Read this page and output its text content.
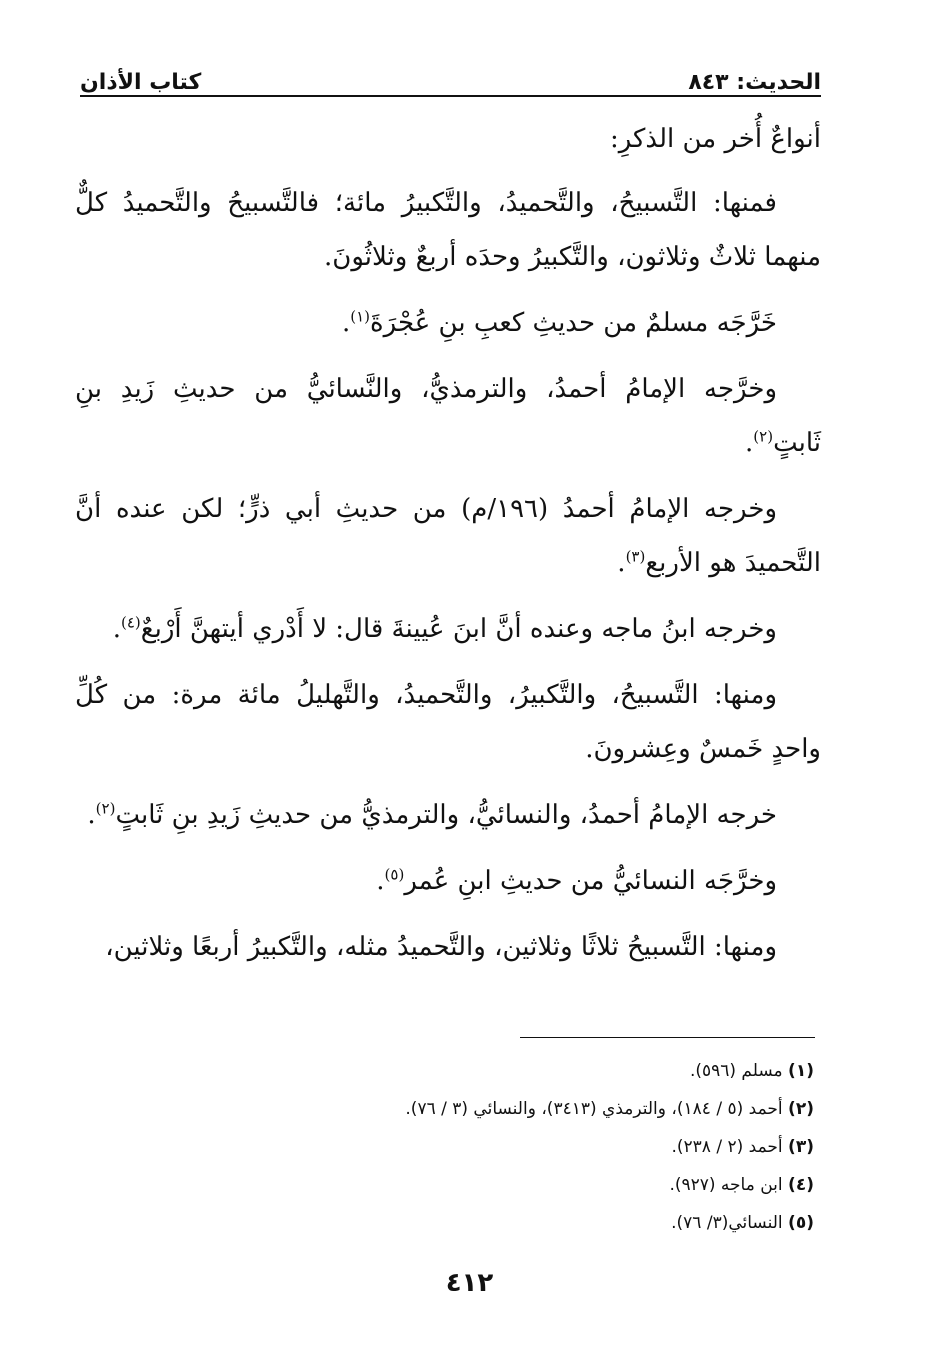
الحديث: ٨٤٣
كتاب الأذان

أنواعٌ أُخر من الذكرِ:

فمنها: التَّسبيحُ، والتَّحميدُ، والتَّكبيرُ مائة؛ فالتَّسبيحُ والتَّحميدُ كلٌّ منهما ثلاثٌ وثلاثون، والتَّكبيرُ وحدَه أربعٌ وثلاثُونَ.

خَرَّجَه مسلمٌ من حديثِ كعبِ بنِ عُجْرَةَ$^{(١)}$.

وخرَّجه الإمامُ أحمدُ، والترمذيُّ، والنَّسائيُّ من حديثِ زَيدِ بنِ ثَابتٍ$^{(٢)}$.

وخرجه الإمامُ أحمدُ (١٩٦/م) من حديثِ أبي ذرٍّ؛ لكن عنده أنَّ التَّحميدَ هو الأربع$^{(٣)}$.

وخرجه ابنُ ماجه وعنده أنَّ ابنَ عُيينةَ قال: لا أَدْري أيتهنَّ أَرْبعٌ$^{(٤)}$.

ومنها: التَّسبيحُ، والتَّكبيرُ، والتَّحميدُ، والتَّهليلُ مائة مرة: من كُلِّ واحدٍ خَمسٌ وعِشرونَ.

خرجه الإمامُ أحمدُ، والنسائيُّ، والترمذيُّ من حديثِ زَيدِ بنِ ثَابتٍ$^{(٢)}$.

وخرَّجَه النسائيُّ من حديثِ ابنِ عُمر$^{(٥)}$.

ومنها: التَّسبيحُ ثلاثًا وثلاثين، والتَّحميدُ مثله، والتَّكبيرُ أربعًا وثلاثين،

(١) مسلم (٥٩٦).

(٢) أحمد (٥ / ١٨٤)، والترمذي (٣٤١٣)، والنسائي (٣ / ٧٦).

(٣) أحمد (٢ / ٢٣٨).

(٤) ابن ماجه (٩٢٧).

(٥) النسائي(٣/ ٧٦).

٤١٢
